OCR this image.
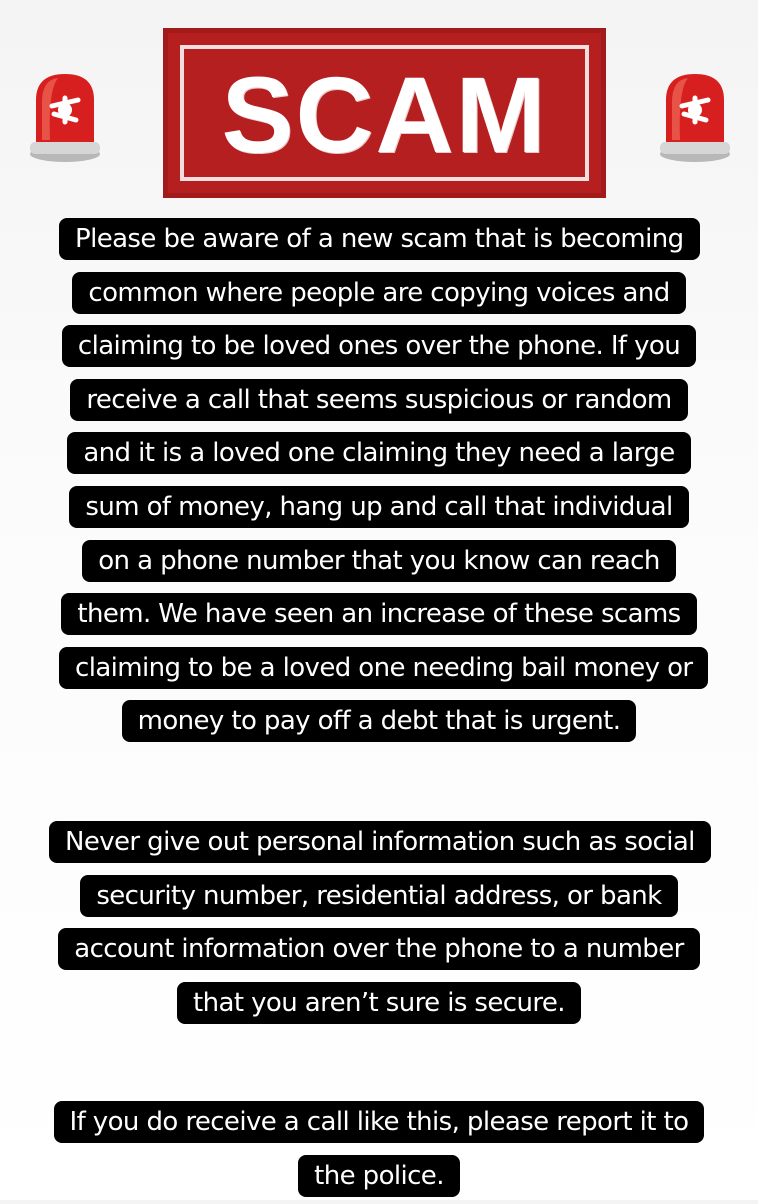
SCAM

Please be aware of a new scam that is becoming common where people are copying voices and claiming to be loved ones over the phone. If you receive a call that seems suspicious or random and it is a loved one claiming they need a large sum of money, hang up and call that individual on a phone number that you know can reach them. We have seen an increase of these scams claiming to be a loved one needing bail money or money to pay off a debt that is urgent.

Never give out personal information such as social security number, residential address, or bank account information over the phone to a number that you aren’t sure is secure.

If you do receive a call like this, please report it to the police.
